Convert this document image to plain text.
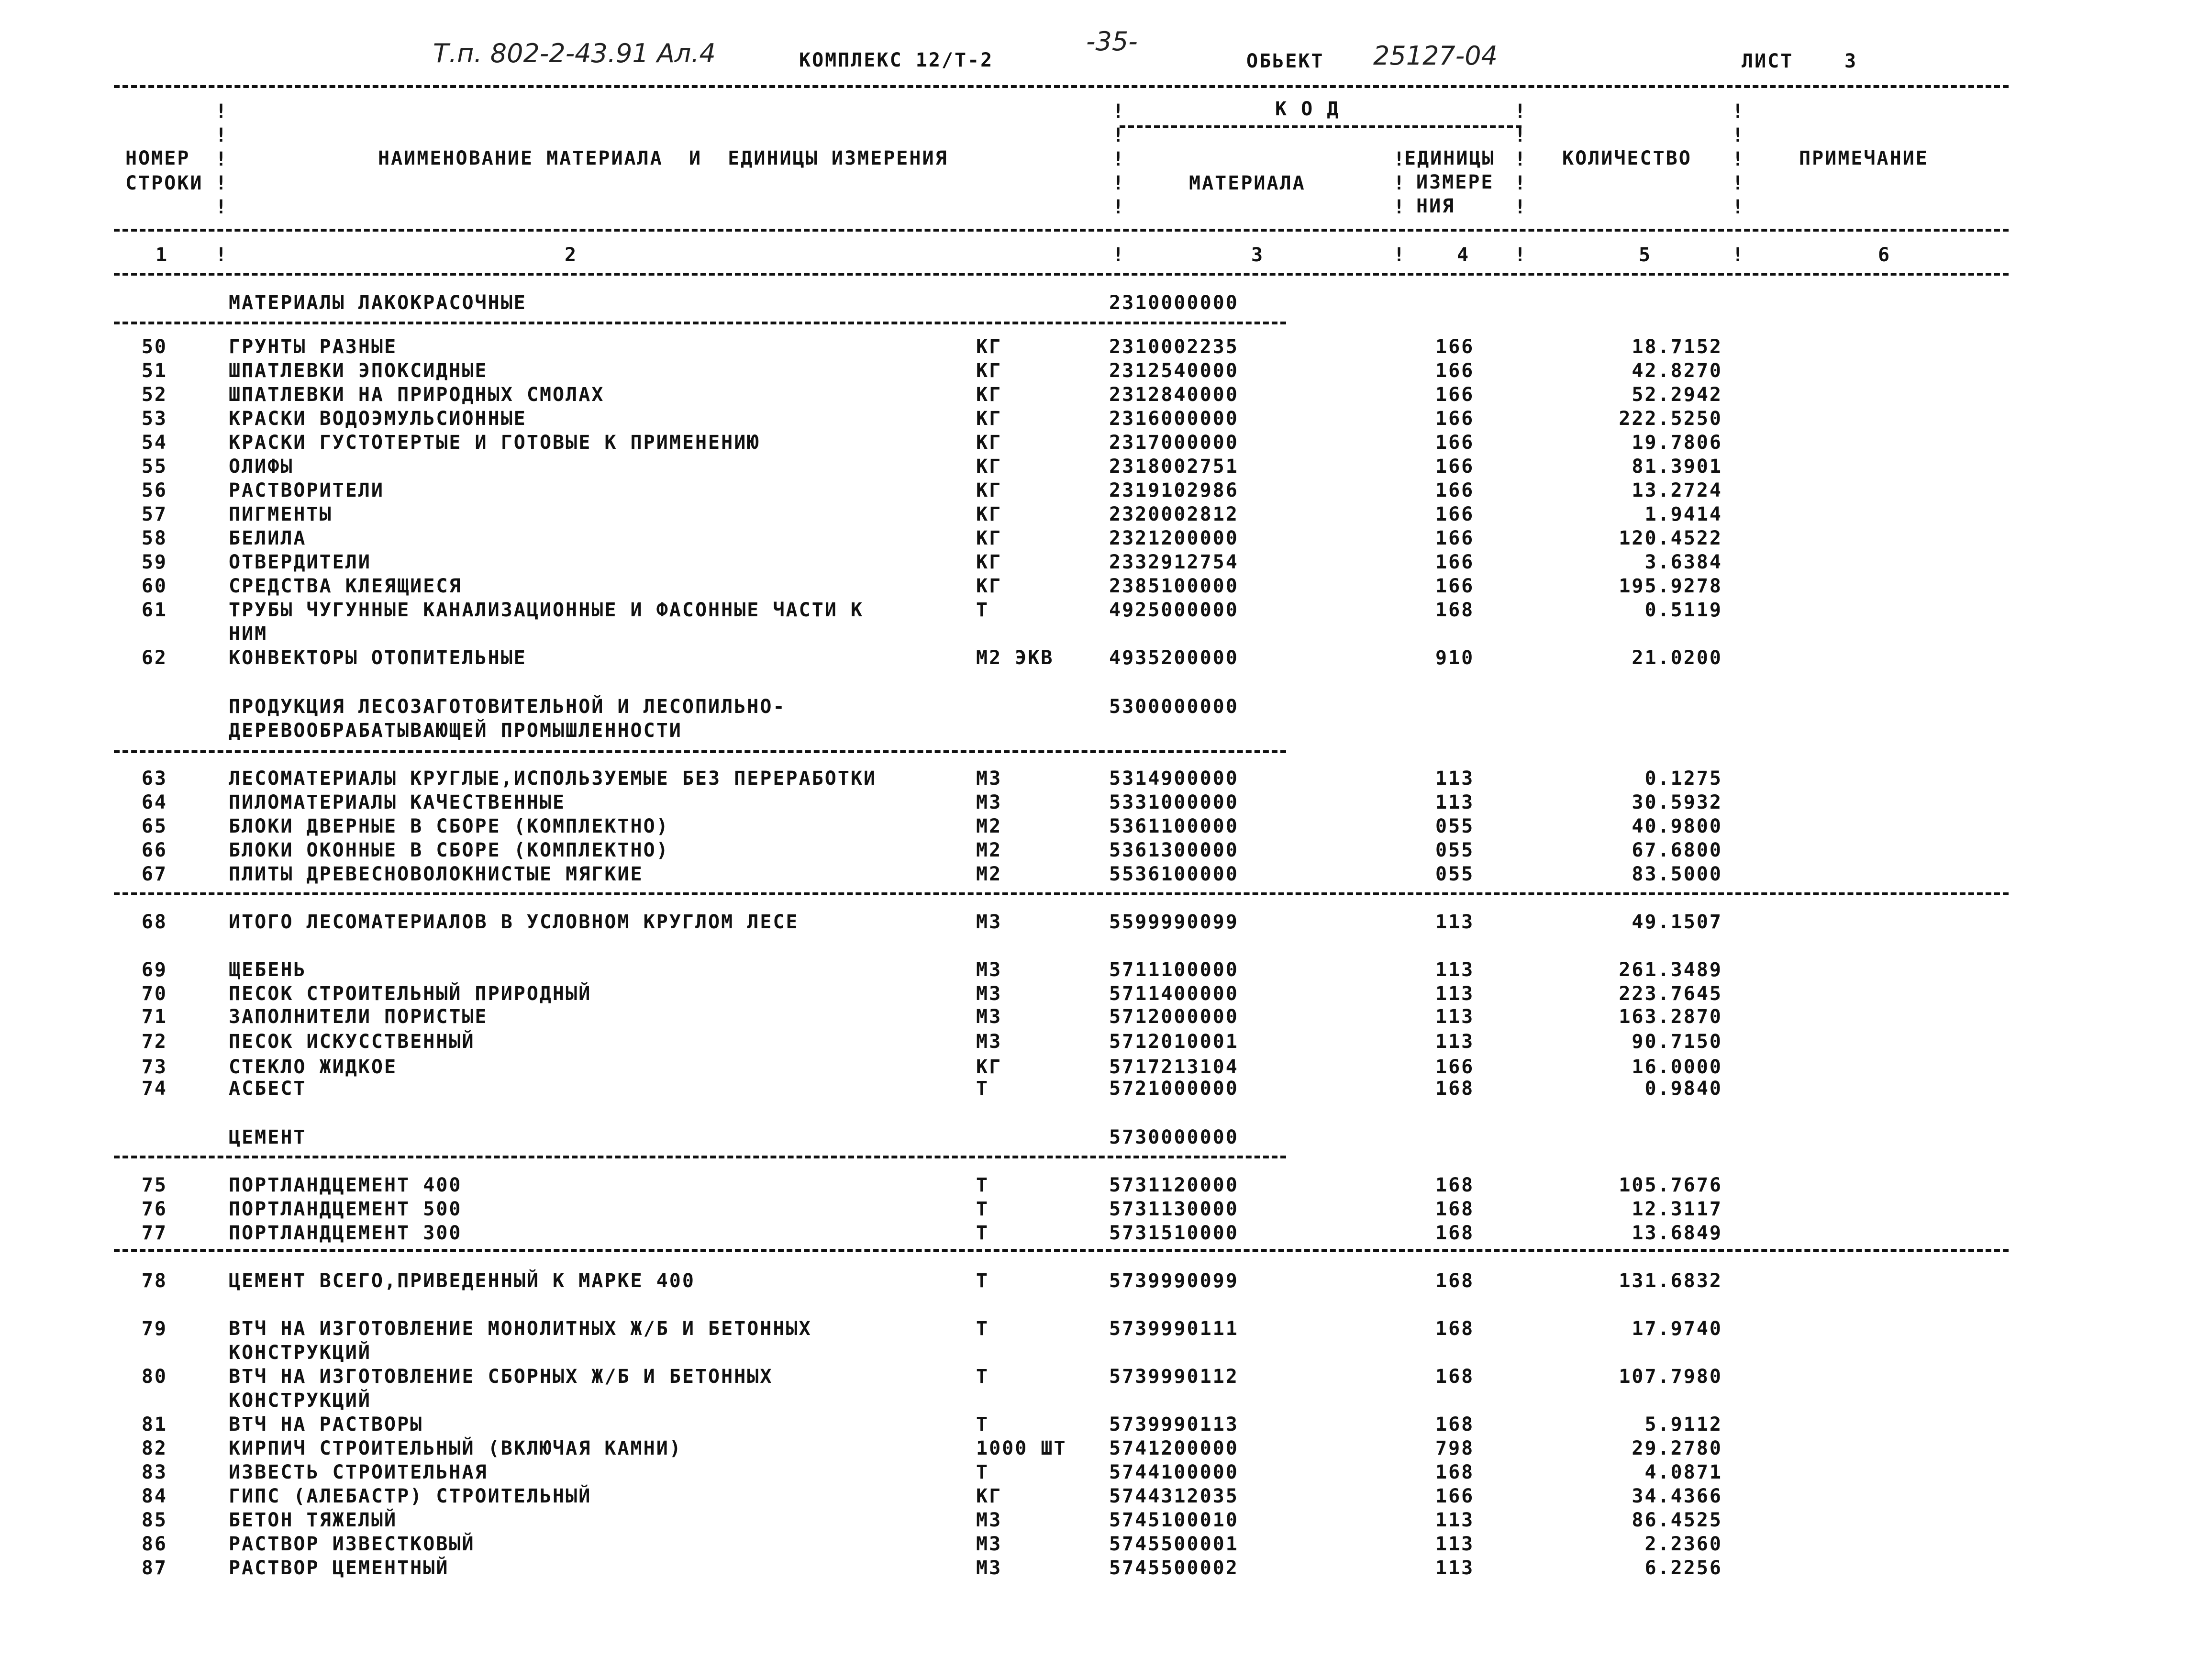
Т.п. 802-2-43.91 Ал.4	КОМПЛЕКС 12/Т-2
-35-
ОБЬЕКТ 25127-04	ЛИСТ	3
НОМЕР
СТРОКИ
НАИМЕНОВАНИЕ МАТЕРИАЛА  И  ЕДИНИЦЫ ИЗМЕРЕНИЯ
К О Д
МАТЕРИАЛА
ЕДИНИЦЫ
ИЗМЕРЕ
НИЯ
КОЛИЧЕСТВО	ПРИМЕЧАНИЕ
1	2	3	4	5	6
!
!
!
!
!
!
!
!
!
!
!
!
!
!
!
!
!
!
!
!
!
!
!
!
!
!
!
!
МАТЕРИАЛЫ ЛАКОКРАСОЧНЫЕ	2310000000
50	ГРУНТЫ РАЗНЫЕ	КГ	2310002235	166	18.7152
51	ШПАТЛЕВКИ ЭПОКСИДНЫЕ	КГ	2312540000	166	42.8270
52	ШПАТЛЕВКИ НА ПРИРОДНЫХ СМОЛАХ	КГ	2312840000	166	52.2942
53	КРАСКИ ВОДОЭМУЛЬСИОННЫЕ	КГ	2316000000	166	222.5250
54	КРАСКИ ГУСТОТЕРТЫЕ И ГОТОВЫЕ К ПРИМЕНЕНИЮ	КГ	2317000000	166	19.7806
55	ОЛИФЫ	КГ	2318002751	166	81.3901
56	РАСТВОРИТЕЛИ	КГ	2319102986	166	13.2724
57	ПИГМЕНТЫ	КГ	2320002812	166	1.9414
58	БЕЛИЛА	КГ	2321200000	166	120.4522
59	ОТВЕРДИТЕЛИ	КГ	2332912754	166	3.6384
60	СРЕДСТВА КЛЕЯЩИЕСЯ	КГ	2385100000	166	195.9278
61	ТРУБЫ ЧУГУННЫЕ КАНАЛИЗАЦИОННЫЕ И ФАСОННЫЕ ЧАСТИ К
НИМ
Т	4925000000	168	0.5119
62	КОНВЕКТОРЫ ОТОПИТЕЛЬНЫЕ	М2 ЭКВ	4935200000	910	21.0200
ПРОДУКЦИЯ ЛЕСОЗАГОТОВИТЕЛЬНОЙ И ЛЕСОПИЛЬНО-
ДЕРЕВООБРАБАТЫВАЮЩЕЙ ПРОМЫШЛЕННОСТИ
5300000000
63	ЛЕСОМАТЕРИАЛЫ КРУГЛЫЕ,ИСПОЛЬЗУЕМЫЕ БЕЗ ПЕРЕРАБОТКИ	М3	5314900000	113	0.1275
64	ПИЛОМАТЕРИАЛЫ КАЧЕСТВЕННЫЕ	М3	5331000000	113	30.5932
65	БЛОКИ ДВЕРНЫЕ В СБОРЕ (КОМПЛЕКТНО)	М2	5361100000	055	40.9800
66	БЛОКИ ОКОННЫЕ В СБОРЕ (КОМПЛЕКТНО)	М2	5361300000	055	67.6800
67	ПЛИТЫ ДРЕВЕСНОВОЛОКНИСТЫЕ МЯГКИЕ	М2	5536100000	055	83.5000
68	ИТОГО ЛЕСОМАТЕРИАЛОВ В УСЛОВНОМ КРУГЛОМ ЛЕСЕ	М3	5599990099	113	49.1507
69	ЩЕБЕНЬ	М3	5711100000	113	261.3489
70	ПЕСОК СТРОИТЕЛЬНЫЙ ПРИРОДНЫЙ	М3	5711400000	113	223.7645
71	ЗАПОЛНИТЕЛИ ПОРИСТЫЕ	М3	5712000000	113	163.2870
72	ПЕСОК ИСКУССТВЕННЫЙ	М3	5712010001	113	90.7150
73	СТЕКЛО ЖИДКОЕ	КГ	5717213104	166	16.0000
74	АСБЕСТ	Т	5721000000	168	0.9840
ЦЕМЕНТ	5730000000
75	ПОРТЛАНДЦЕМЕНТ 400	Т	5731120000	168	105.7676
76	ПОРТЛАНДЦЕМЕНТ 500	Т	5731130000	168	12.3117
77	ПОРТЛАНДЦЕМЕНТ 300	Т	5731510000	168	13.6849
78	ЦЕМЕНТ ВСЕГО,ПРИВЕДЕННЫЙ К МАРКЕ 400	Т	5739990099	168	131.6832
79	ВТЧ НА ИЗГОТОВЛЕНИЕ МОНОЛИТНЫХ Ж/Б И БЕТОННЫХ
КОНСТРУКЦИЙ
Т	5739990111	168	17.9740
80	ВТЧ НА ИЗГОТОВЛЕНИЕ СБОРНЫХ Ж/Б И БЕТОННЫХ
КОНСТРУКЦИЙ
Т	5739990112	168	107.7980
81	ВТЧ НА РАСТВОРЫ	Т	5739990113	168	5.9112
82	КИРПИЧ СТРОИТЕЛЬНЫЙ (ВКЛЮЧАЯ КАМНИ)	1000 ШТ 5741200000	798	29.2780
83	ИЗВЕСТЬ СТРОИТЕЛЬНАЯ	Т	5744100000	168	4.0871
84	ГИПС (АЛЕБАСТР) СТРОИТЕЛЬНЫЙ	КГ	5744312035	166	34.4366
85	БЕТОН ТЯЖЕЛЫЙ	М3	5745100010	113	86.4525
86	РАСТВОР ИЗВЕСТКОВЫЙ	М3	5745500001	113	2.2360
87	РАСТВОР ЦЕМЕНТНЫЙ	М3	5745500002	113	6.2256
